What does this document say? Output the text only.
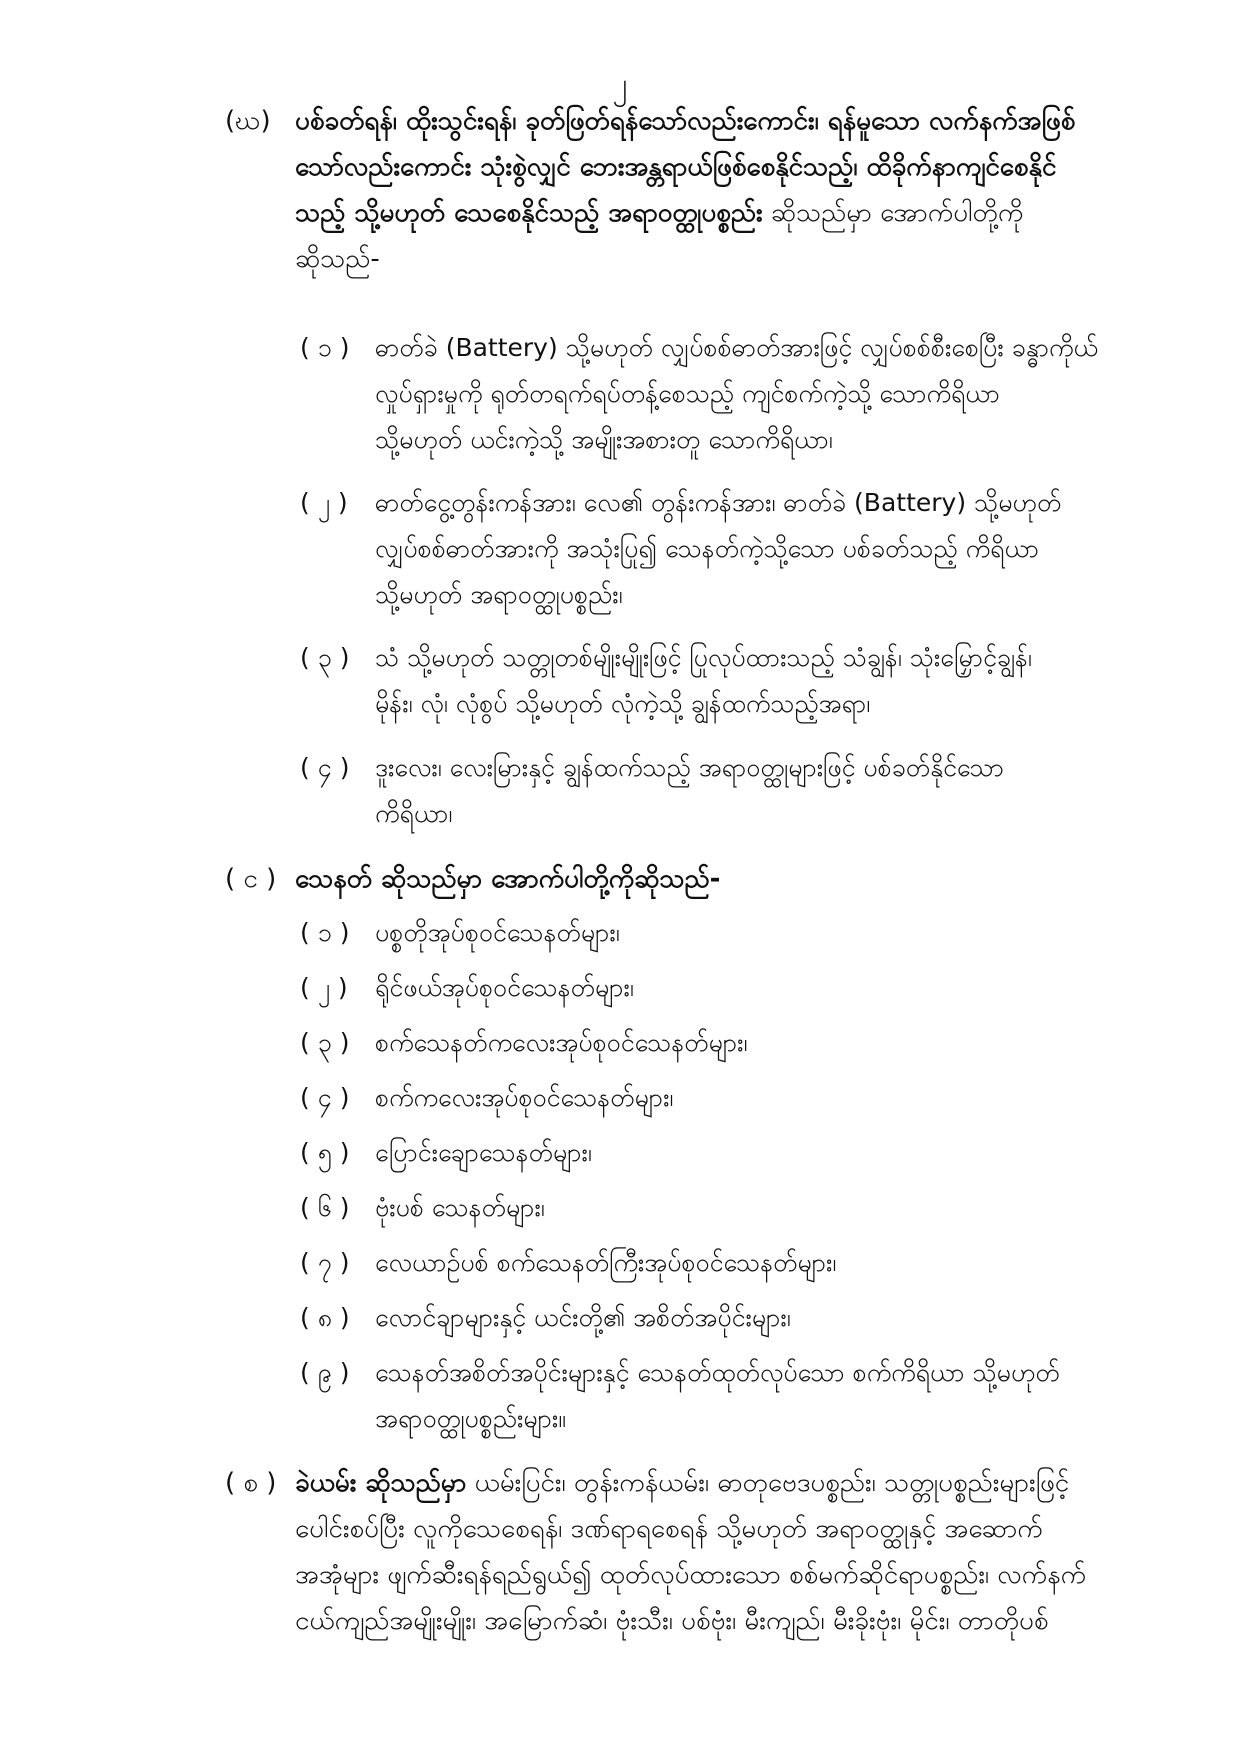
၂
(ဃ) ပစ်ခတ်ရန်၊ ထိုးသွင်းရန်၊ ခုတ်ဖြတ်ရန်သော်လည်းကောင်း၊ ရန်မူသော လက်နက်အဖြစ်
သော်လည်းကောင်း သုံးစွဲလျှင် ဘေးအန္တရာယ်ဖြစ်စေနိုင်သည့်၊ ထိခိုက်နာကျင်စေနိုင်
သည့် သို့မဟုတ် သေစေနိုင်သည့် အရာဝတ္ထုပစ္စည်း ဆိုသည်မှာ အောက်ပါတို့ကို
ဆိုသည်-
( ၁ ) ဓာတ်ခဲ (Battery) သို့မဟုတ် လျှပ်စစ်ဓာတ်အားဖြင့် လျှပ်စစ်စီးစေပြီး ခန္ဓာကိုယ်
လှုပ်ရှားမှုကို ရုတ်တရက်ရပ်တန့်စေသည့် ကျင်စက်ကဲ့သို့ သောကိရိယာ
သို့မဟုတ် ယင်းကဲ့သို့ အမျိုးအစားတူ သောကိရိယာ၊
( ၂ ) ဓာတ်ငွေ့တွန်းကန်အား၊ လေ၏ တွန်းကန်အား၊ ဓာတ်ခဲ (Battery) သို့မဟုတ်
လျှပ်စစ်ဓာတ်အားကို အသုံးပြု၍ သေနတ်ကဲ့သို့သော ပစ်ခတ်သည့် ကိရိယာ
သို့မဟုတ် အရာဝတ္ထုပစ္စည်း၊
( ၃ ) သံ သို့မဟုတ် သတ္တုတစ်မျိုးမျိုးဖြင့် ပြုလုပ်ထားသည့် သံချွန်၊ သုံးမြှောင့်ချွန်၊
မိုန်း၊ လုံ၊ လုံစွပ် သို့မဟုတ် လုံကဲ့သို့ ချွန်ထက်သည့်အရာ၊
( ၄ ) ဒူးလေး၊ လေးမြားနှင့် ချွန်ထက်သည့် အရာဝတ္ထုများဖြင့် ပစ်ခတ်နိုင်သော
ကိရိယာ၊
( င ) သေနတ် ဆိုသည်မှာ အောက်ပါတို့ကိုဆိုသည်-
( ၁ ) ပစ္စတိုအုပ်စုဝင်သေနတ်များ၊
( ၂ ) ရိုင်ဖယ်အုပ်စုဝင်သေနတ်များ၊
( ၃ ) စက်သေနတ်ကလေးအုပ်စုဝင်သေနတ်များ၊
( ၄ ) စက်ကလေးအုပ်စုဝင်သေနတ်များ၊
( ၅ ) ပြောင်းချောသေနတ်များ၊
( ၆ ) ဗုံးပစ် သေနတ်များ၊
( ၇ ) လေယာဉ်ပစ် စက်သေနတ်ကြီးအုပ်စုဝင်သေနတ်များ၊
( ၈ ) လောင်ချာများနှင့် ယင်းတို့၏ အစိတ်အပိုင်းများ၊
( ၉ ) သေနတ်အစိတ်အပိုင်းများနှင့် သေနတ်ထုတ်လုပ်သော စက်ကိရိယာ သို့မဟုတ်
အရာဝတ္ထုပစ္စည်းများ။
( စ ) ခဲယမ်း ဆိုသည်မှာ ယမ်းပြင်း၊ တွန်းကန်ယမ်း၊ ဓာတုဗေဒပစ္စည်း၊ သတ္တုပစ္စည်းများဖြင့်
ပေါင်းစပ်ပြီး လူကိုသေစေရန်၊ ဒဏ်ရာရစေရန် သို့မဟုတ် အရာဝတ္ထုနှင့် အဆောက်
အအုံများ ဖျက်ဆီးရန်ရည်ရွယ်၍ ထုတ်လုပ်ထားသော စစ်မက်ဆိုင်ရာပစ္စည်း၊ လက်နက်
ငယ်ကျည်အမျိုးမျိုး၊ အမြောက်ဆံ၊ ဗုံးသီး၊ ပစ်ဗုံး၊ မီးကျည်၊ မီးခိုးဗုံး၊ မိုင်း၊ တာတိုပစ်
